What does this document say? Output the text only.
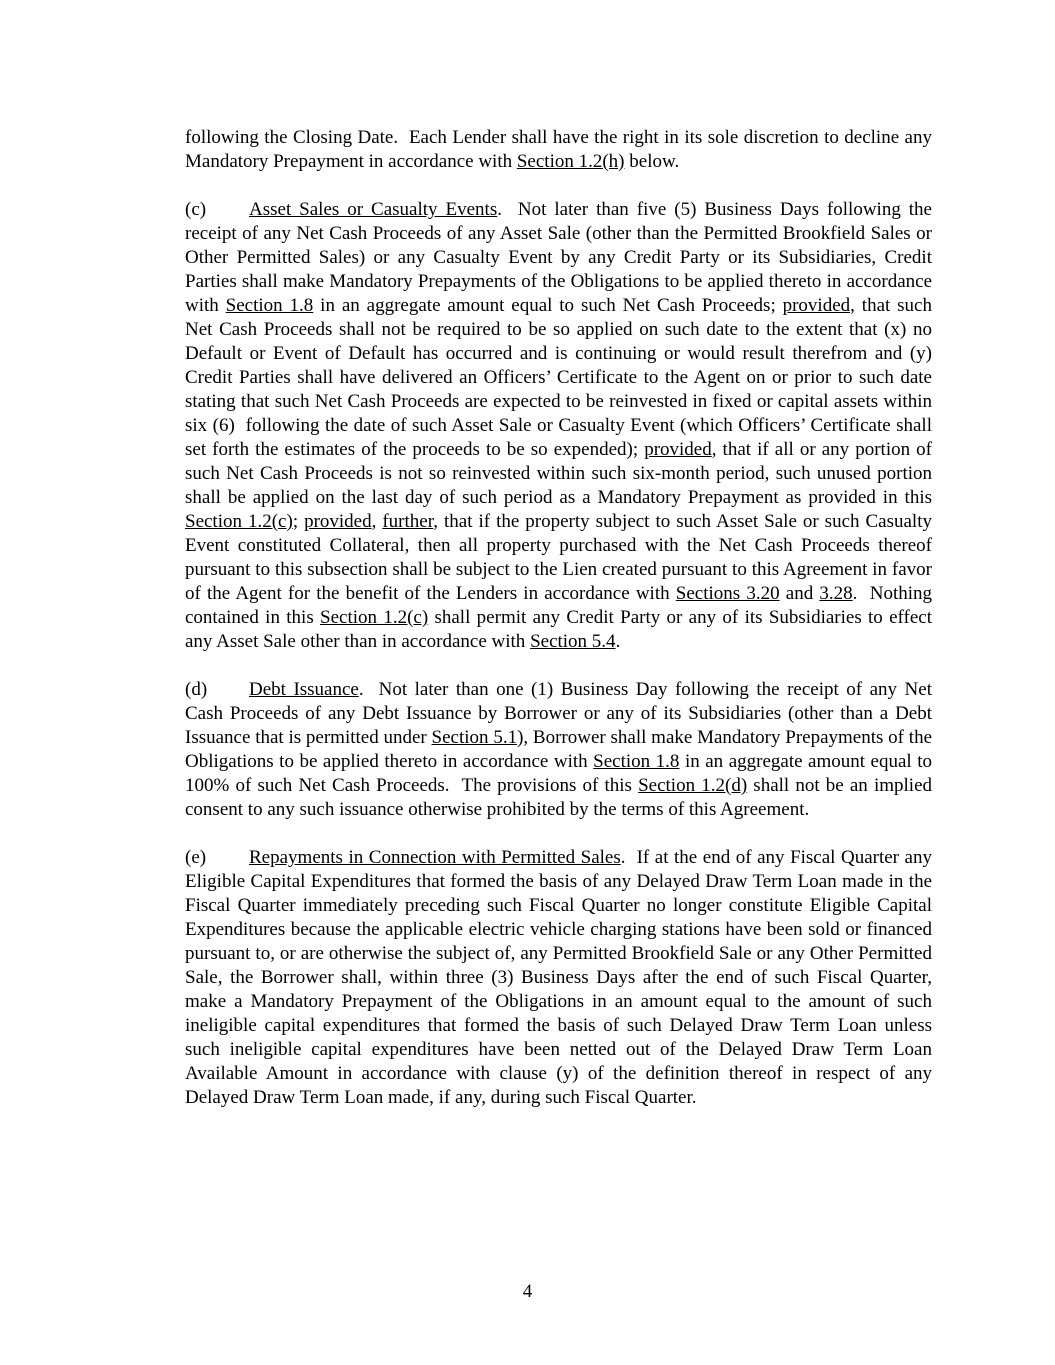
following the Closing Date.  Each Lender shall have the right in its sole discretion to decline any Mandatory Prepayment in accordance with Section 1.2(h) below.

(c) Asset Sales or Casualty Events.  Not later than five (5) Business Days following the receipt of any Net Cash Proceeds of any Asset Sale (other than the Permitted Brookfield Sales or Other Permitted Sales) or any Casualty Event by any Credit Party or its Subsidiaries, Credit Parties shall make Mandatory Prepayments of the Obligations to be applied thereto in accordance with Section 1.8 in an aggregate amount equal to such Net Cash Proceeds; provided, that such Net Cash Proceeds shall not be required to be so applied on such date to the extent that (x) no Default or Event of Default has occurred and is continuing or would result therefrom and (y) Credit Parties shall have delivered an Officers’ Certificate to the Agent on or prior to such date stating that such Net Cash Proceeds are expected to be reinvested in fixed or capital assets within six (6)  following the date of such Asset Sale or Casualty Event (which Officers’ Certificate shall set forth the estimates of the proceeds to be so expended); provided, that if all or any portion of such Net Cash Proceeds is not so reinvested within such six-month period, such unused portion shall be applied on the last day of such period as a Mandatory Prepayment as provided in this Section 1.2(c); provided, further, that if the property subject to such Asset Sale or such Casualty Event constituted Collateral, then all property purchased with the Net Cash Proceeds thereof pursuant to this subsection shall be subject to the Lien created pursuant to this Agreement in favor of the Agent for the benefit of the Lenders in accordance with Sections 3.20 and 3.28.  Nothing contained in this Section 1.2(c) shall permit any Credit Party or any of its Subsidiaries to effect any Asset Sale other than in accordance with Section 5.4.

(d) Debt Issuance.  Not later than one (1) Business Day following the receipt of any Net Cash Proceeds of any Debt Issuance by Borrower or any of its Subsidiaries (other than a Debt Issuance that is permitted under Section 5.1), Borrower shall make Mandatory Prepayments of the Obligations to be applied thereto in accordance with Section 1.8 in an aggregate amount equal to 100% of such Net Cash Proceeds.  The provisions of this Section 1.2(d) shall not be an implied consent to any such issuance otherwise prohibited by the terms of this Agreement.

(e) Repayments in Connection with Permitted Sales.  If at the end of any Fiscal Quarter any Eligible Capital Expenditures that formed the basis of any Delayed Draw Term Loan made in the Fiscal Quarter immediately preceding such Fiscal Quarter no longer constitute Eligible Capital Expenditures because the applicable electric vehicle charging stations have been sold or financed pursuant to, or are otherwise the subject of, any Permitted Brookfield Sale or any Other Permitted Sale, the Borrower shall, within three (3) Business Days after the end of such Fiscal Quarter, make a Mandatory Prepayment of the Obligations in an amount equal to the amount of such ineligible capital expenditures that formed the basis of such Delayed Draw Term Loan unless such ineligible capital expenditures have been netted out of the Delayed Draw Term Loan Available Amount in accordance with clause (y) of the definition thereof in respect of any Delayed Draw Term Loan made, if any, during such Fiscal Quarter.

4
